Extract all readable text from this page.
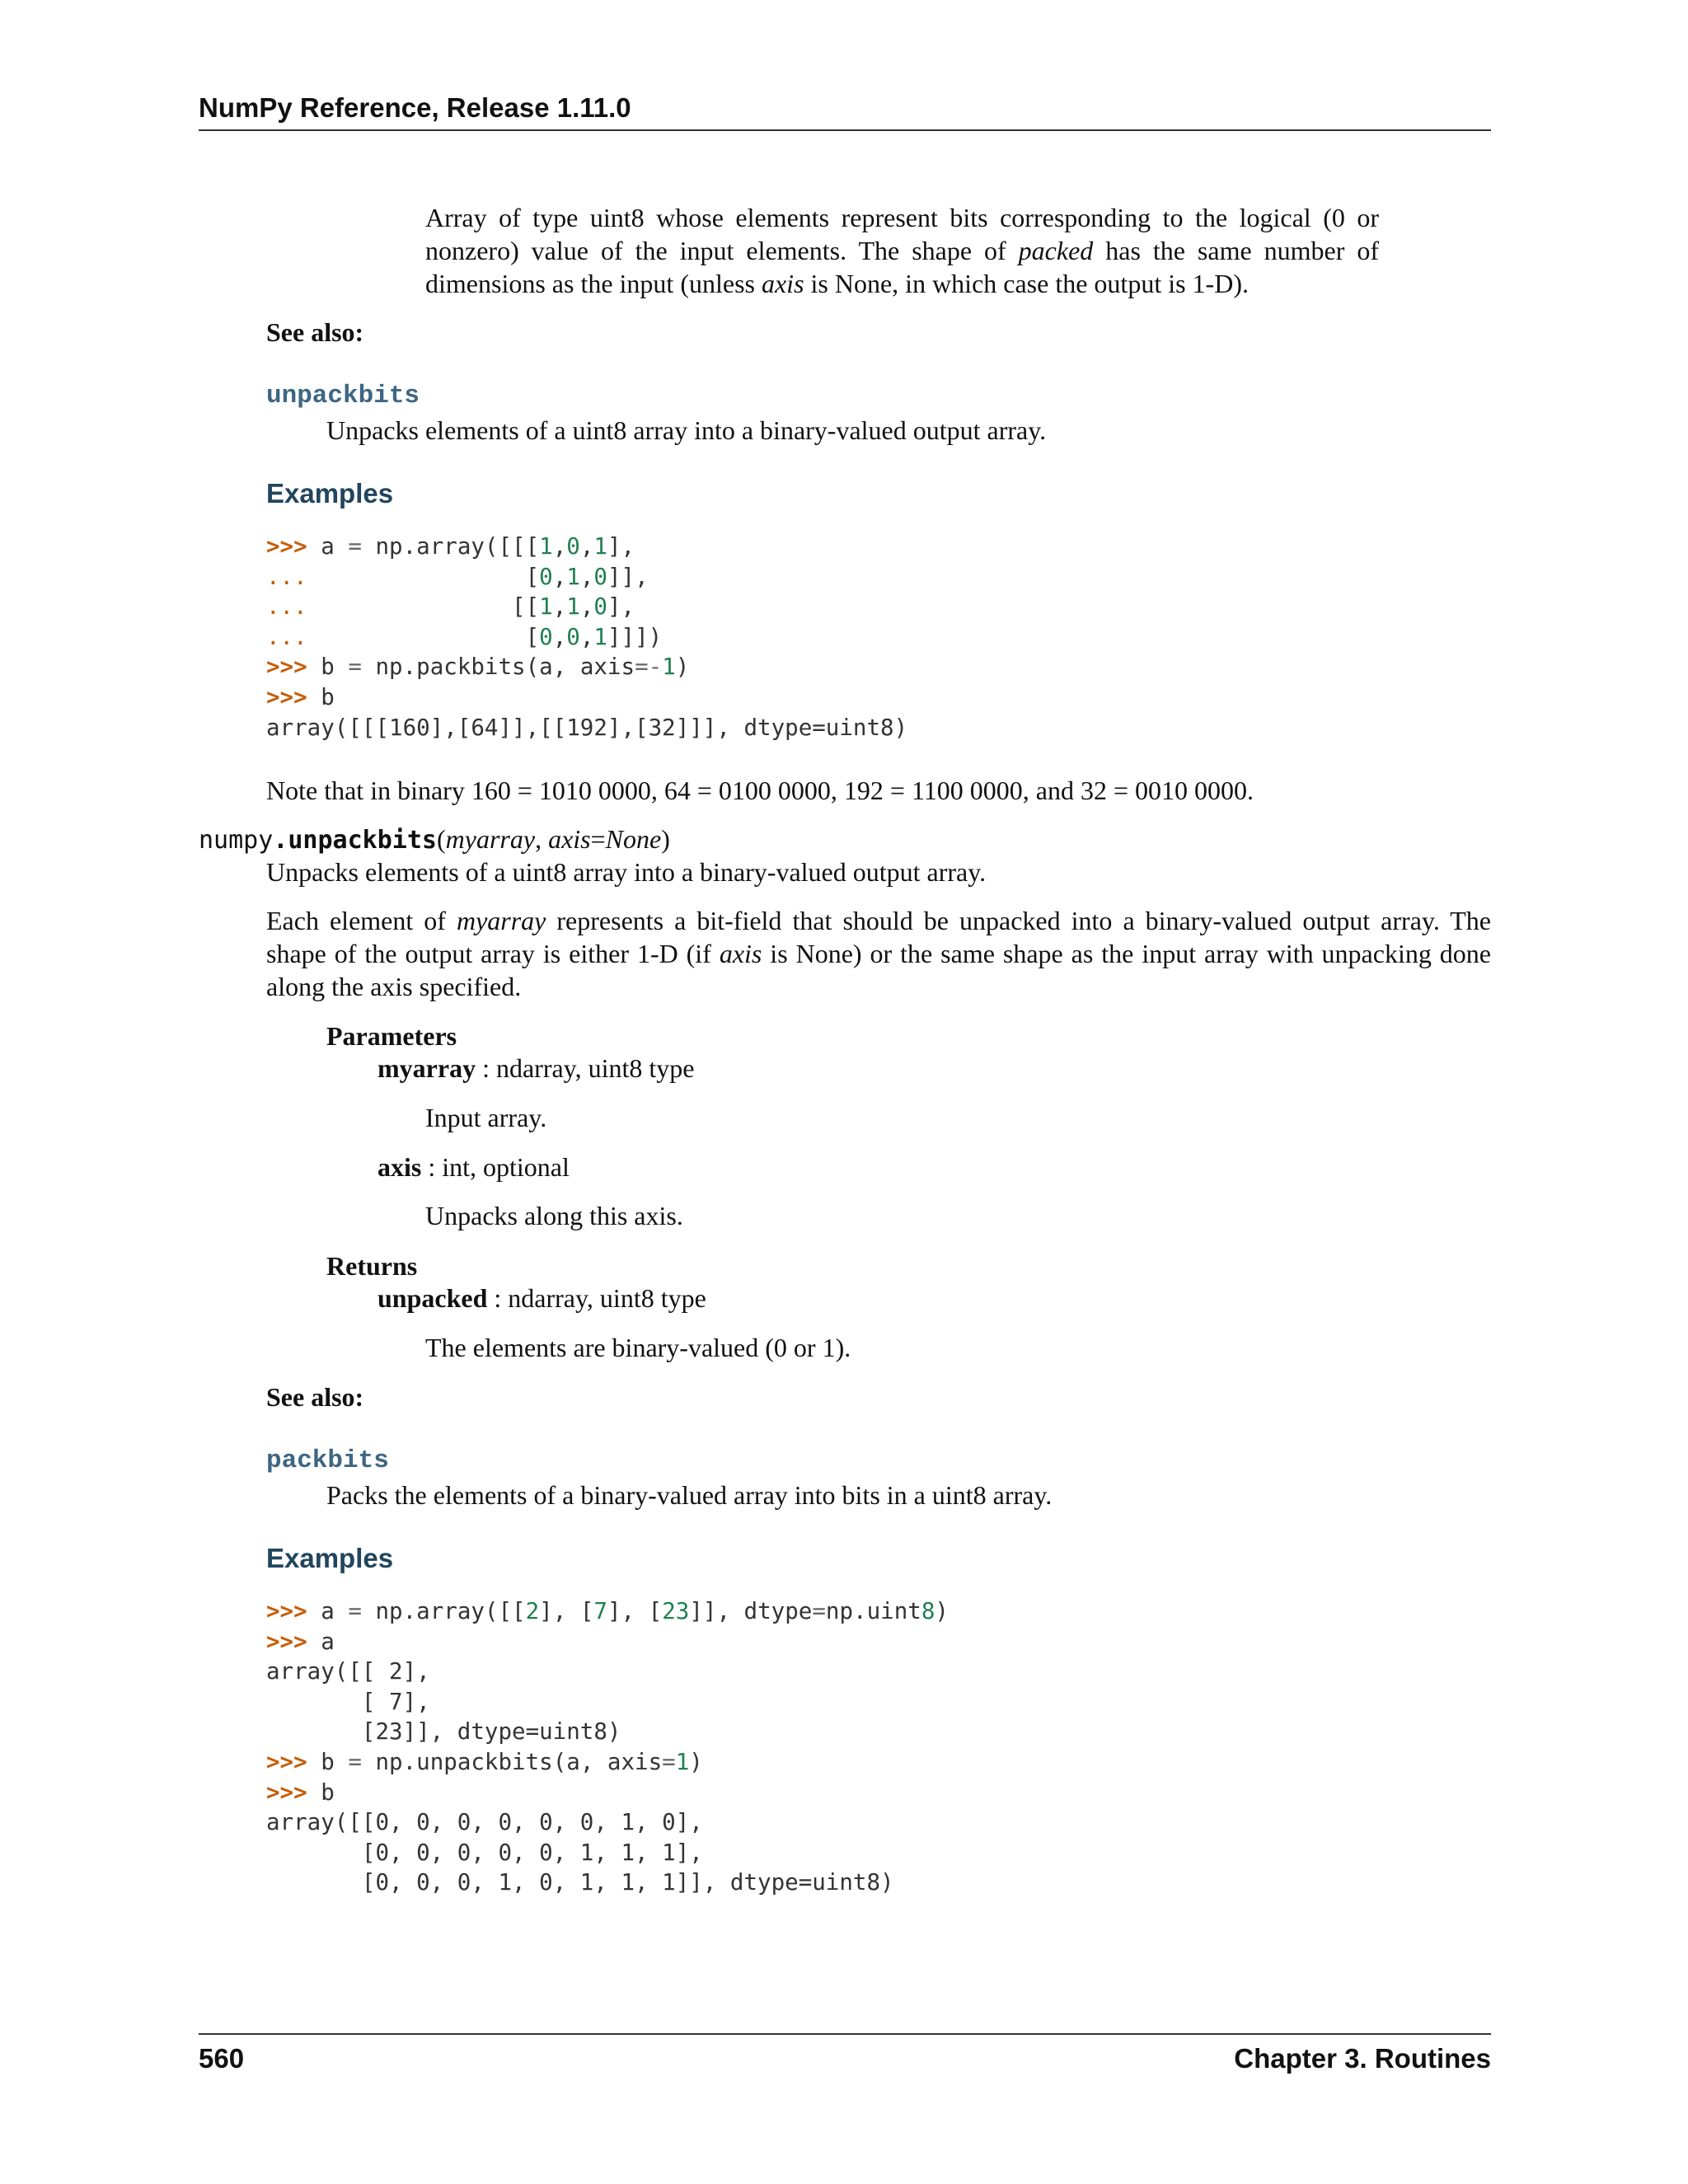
NumPy Reference, Release 1.11.0
Array of type uint8 whose elements represent bits corresponding to the logical (0 or
nonzero) value of the input elements. The shape of packed has the same number of
dimensions as the input (unless axis is None, in which case the output is 1-D).
See also:
unpackbits
Unpacks elements of a uint8 array into a binary-valued output array.
Examples
>>> a = np.array([[[1,0,1],
...                [0,1,0]],
...               [[1,1,0],
...                [0,0,1]]])
>>> b = np.packbits(a, axis=-1)
>>> b
array([[[160],[64]],[[192],[32]]], dtype=uint8)
Note that in binary 160 = 1010 0000, 64 = 0100 0000, 192 = 1100 0000, and 32 = 0010 0000.
numpy.unpackbits(myarray, axis=None)
Unpacks elements of a uint8 array into a binary-valued output array.
Each element of myarray represents a bit-field that should be unpacked into a binary-valued output array. The
shape of the output array is either 1-D (if axis is None) or the same shape as the input array with unpacking done
along the axis specified.
Parameters
myarray : ndarray, uint8 type
Input array.
axis : int, optional
Unpacks along this axis.
Returns
unpacked : ndarray, uint8 type
The elements are binary-valued (0 or 1).
See also:
packbits
Packs the elements of a binary-valued array into bits in a uint8 array.
Examples
>>> a = np.array([[2], [7], [23]], dtype=np.uint8)
>>> a
array([[ 2],
[ 7],
[23]], dtype=uint8)
>>> b = np.unpackbits(a, axis=1)
>>> b
array([[0, 0, 0, 0, 0, 0, 1, 0],
[0, 0, 0, 0, 0, 1, 1, 1],
[0, 0, 0, 1, 0, 1, 1, 1]], dtype=uint8)
560	Chapter 3. Routines
